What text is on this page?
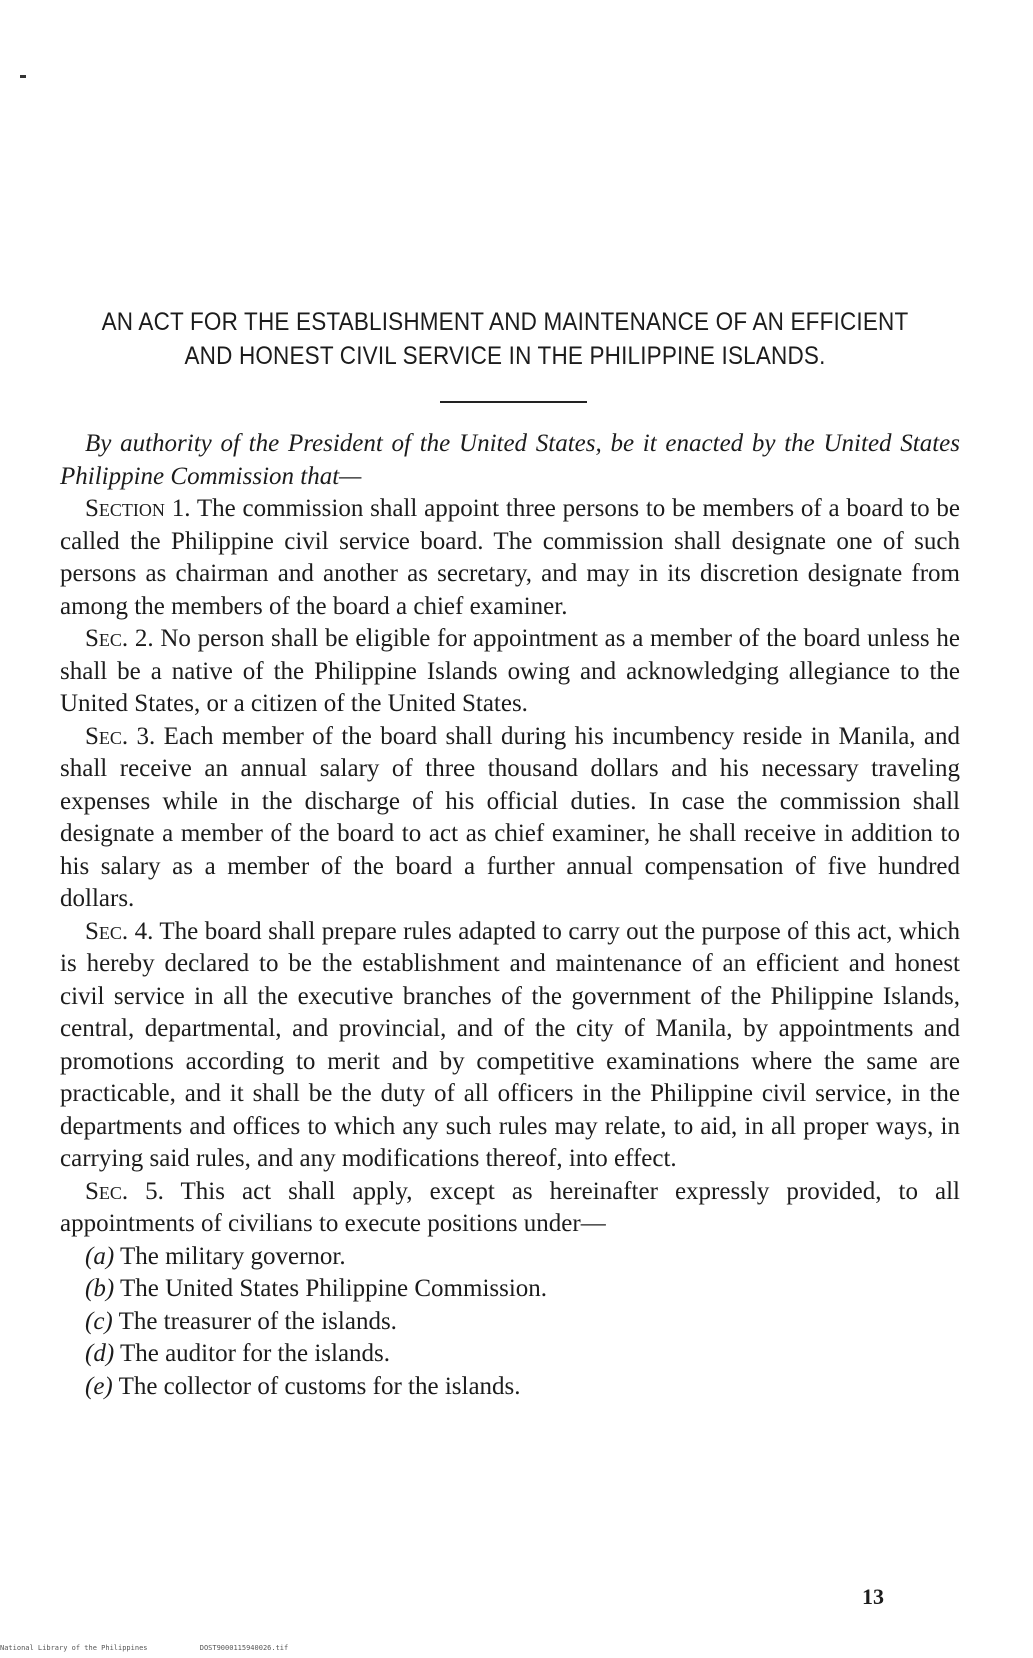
AN ACT FOR THE ESTABLISHMENT AND MAINTENANCE OF AN EFFICIENT
AND HONEST CIVIL SERVICE IN THE PHILIPPINE ISLANDS.

By authority of the President of the United States, be it enacted by the United States Philippine Commission that—

Section 1. The commission shall appoint three persons to be members of a board to be called the Philippine civil service board. The commission shall designate one of such persons as chairman and another as secretary, and may in its discretion designate from among the members of the board a chief examiner.

Sec. 2. No person shall be eligible for appointment as a member of the board unless he shall be a native of the Philippine Islands owing and acknowledging allegiance to the United States, or a citizen of the United States.

Sec. 3. Each member of the board shall during his incumbency reside in Manila, and shall receive an annual salary of three thousand dollars and his necessary traveling expenses while in the discharge of his official duties. In case the commission shall designate a member of the board to act as chief examiner, he shall receive in addition to his salary as a member of the board a further annual compensation of five hundred dollars.

Sec. 4. The board shall prepare rules adapted to carry out the purpose of this act, which is hereby declared to be the establishment and maintenance of an efficient and honest civil service in all the executive branches of the government of the Philippine Islands, central, departmental, and provincial, and of the city of Manila, by appointments and promotions according to merit and by competitive examinations where the same are practicable, and it shall be the duty of all officers in the Philippine civil service, in the departments and offices to which any such rules may relate, to aid, in all proper ways, in carrying said rules, and any modifications thereof, into effect.

Sec. 5. This act shall apply, except as hereinafter expressly provided, to all appointments of civilians to execute positions under—

(a) The military governor.
(b) The United States Philippine Commission.
(c) The treasurer of the islands.
(d) The auditor for the islands.
(e) The collector of customs for the islands.
13
National Library of the Philippines	DOST9000115940026.tif
